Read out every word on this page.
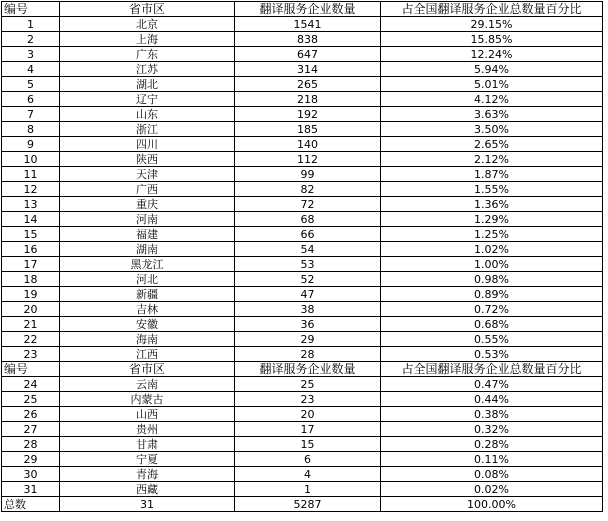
编号	省市区	翻译服务企业数量	占全国翻译服务企业总数量百分比
1	北京	1541	29.15%
2	上海	838	15.85%
3	广东	647	12.24%
4	江苏	314	5.94%
5	湖北	265	5.01%
6	辽宁	218	4.12%
7	山东	192	3.63%
8	浙江	185	3.50%
9	四川	140	2.65%
10	陕西	112	2.12%
11	天津	99	1.87%
12	广西	82	1.55%
13	重庆	72	1.36%
14	河南	68	1.29%
15	福建	66	1.25%
16	湖南	54	1.02%
17	黑龙江	53	1.00%
18	河北	52	0.98%
19	新疆	47	0.89%
20	吉林	38	0.72%
21	安徽	36	0.68%
22	海南	29	0.55%
23	江西	28	0.53%
编号	省市区	翻译服务企业数量	占全国翻译服务企业总数量百分比
24	云南	25	0.47%
25	内蒙古	23	0.44%
26	山西	20	0.38%
27	贵州	17	0.32%
28	甘肃	15	0.28%
29	宁夏	6	0.11%
30	青海	4	0.08%
31	西藏	1	0.02%
总数	31	5287	100.00%
